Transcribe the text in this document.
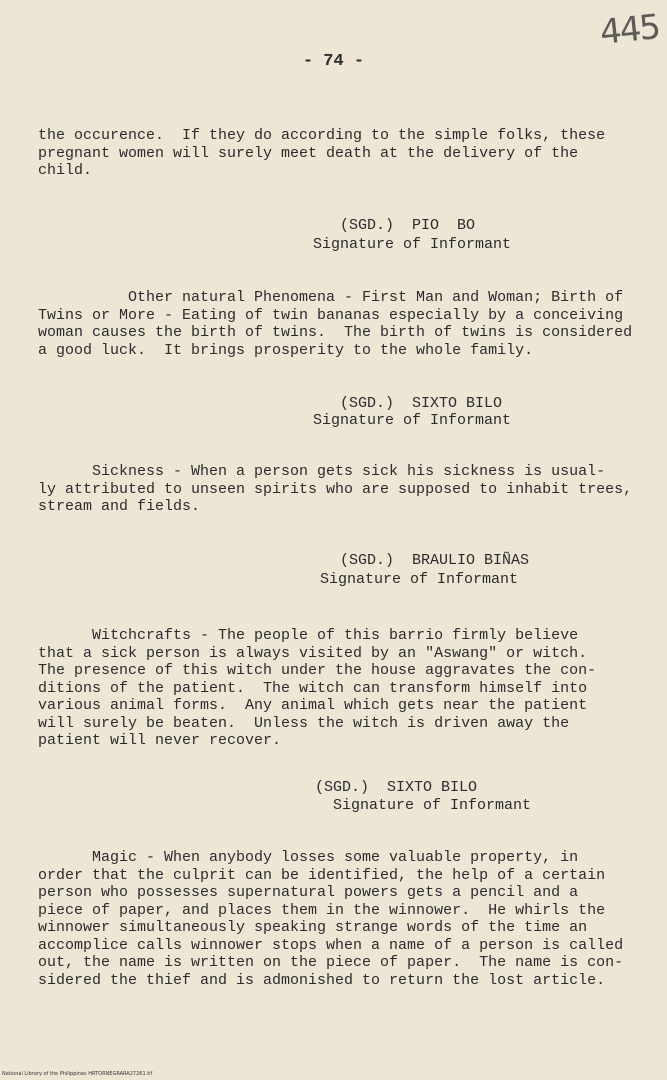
445
- 74 -

the occurence.  If they do according to the simple folks, these

pregnant women will surely meet death at the delivery of the

child.

(SGD.)  PIO  BO
Signature of Informant

Other natural Phenomena - First Man and Woman; Birth of

Twins or More - Eating of twin bananas especially by a conceiving

woman causes the birth of twins.  The birth of twins is considered

a good luck.  It brings prosperity to the whole family.

(SGD.)  SIXTO BILO
Signature of Informant

Sickness - When a person gets sick his sickness is usual-

ly attributed to unseen spirits who are supposed to inhabit trees,

stream and fields.

(SGD.)  BRAULIO BIÑAS
Signature of Informant

Witchcrafts - The people of this barrio firmly believe

that a sick person is always visited by an "Aswang" or witch.

The presence of this witch under the house aggravates the con-

ditions of the patient.  The witch can transform himself into

various animal forms.  Any animal which gets near the patient

will surely be beaten.  Unless the witch is driven away the

patient will never recover.

(SGD.)  SIXTO BILO
Signature of Informant

Magic - When anybody losses some valuable property, in

order that the culprit can be identified, the help of a certain

person who possesses supernatural powers gets a pencil and a

piece of paper, and places them in the winnower.  He whirls the

winnower simultaneously speaking strange words of the time an

accomplice calls winnower stops when a name of a person is called

out, the name is written on the piece of paper.  The name is con-

sidered the thief and is admonished to return the lost article.

National Library of the Philippines HRTORNEGRARA27261.tif
